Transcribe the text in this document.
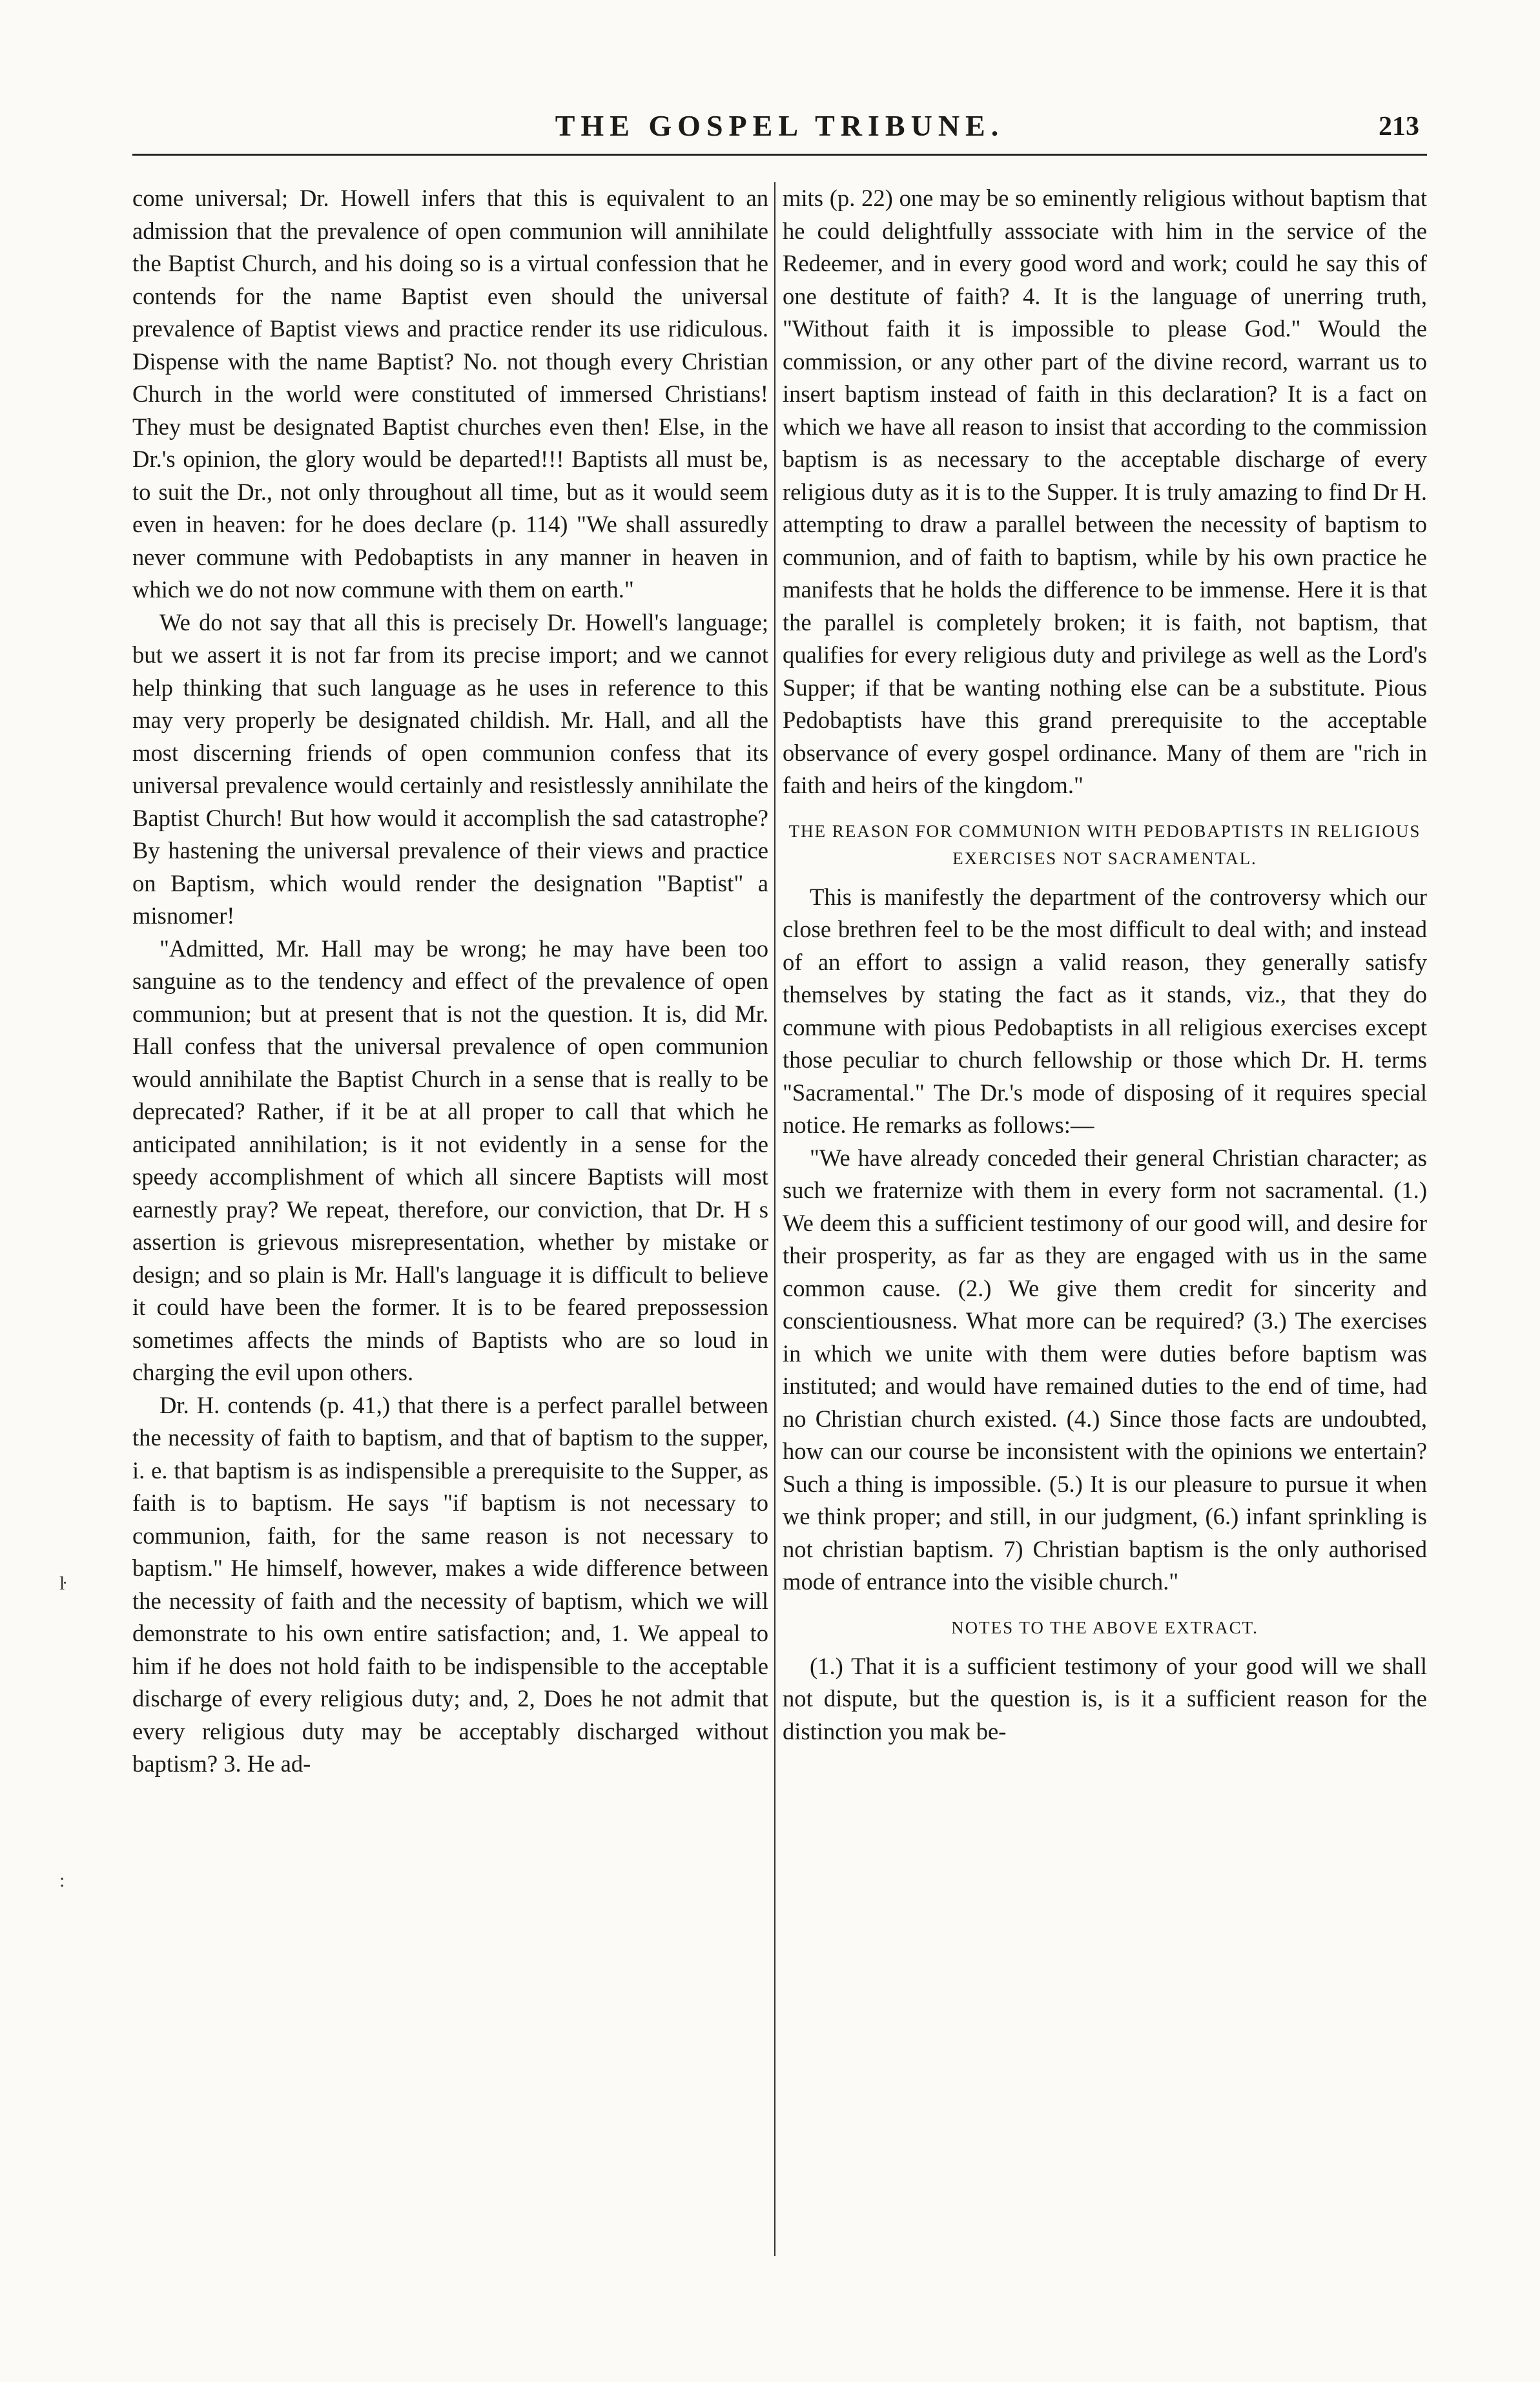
THE GOSPEL TRIBUNE.	213

come universal; Dr. Howell infers that this is equivalent to an admission that the prevalence of open communion will annihilate the Baptist Church, and his doing so is a virtual confession that he contends for the name Baptist even should the universal prevalence of Baptist views and practice render its use ridiculous. Dispense with the name Baptist? No. not though every Christian Church in the world were constituted of immersed Christians! They must be designated Baptist churches even then! Else, in the Dr.'s opinion, the glory would be departed!!! Baptists all must be, to suit the Dr., not only throughout all time, but as it would seem even in heaven: for he does declare (p. 114) "We shall assuredly never commune with Pedobaptists in any manner in heaven in which we do not now commune with them on earth."

We do not say that all this is precisely Dr. Howell's language; but we assert it is not far from its precise import; and we cannot help thinking that such language as he uses in reference to this may very properly be designated childish. Mr. Hall, and all the most discerning friends of open communion confess that its universal prevalence would certainly and resistlessly annihilate the Baptist Church! But how would it accomplish the sad catastrophe? By hastening the universal prevalence of their views and practice on Baptism, which would render the designation "Baptist" a misnomer!

"Admitted, Mr. Hall may be wrong; he may have been too sanguine as to the tendency and effect of the prevalence of open communion; but at present that is not the question. It is, did Mr. Hall confess that the universal prevalence of open communion would annihilate the Baptist Church in a sense that is really to be deprecated? Rather, if it be at all proper to call that which he anticipated annihilation; is it not evidently in a sense for the speedy accomplishment of which all sincere Baptists will most earnestly pray? We repeat, therefore, our conviction, that Dr. H s assertion is grievous misrepresentation, whether by mistake or design; and so plain is Mr. Hall's language it is difficult to believe it could have been the former. It is to be feared prepossession sometimes affects the minds of Baptists who are so loud in charging the evil upon others.

Dr. H. contends (p. 41,) that there is a perfect parallel between the necessity of faith to baptism, and that of baptism to the supper, i. e. that baptism is as indispensible a prerequisite to the Supper, as faith is to baptism. He says "if baptism is not necessary to communion, faith, for the same reason is not necessary to baptism." He himself, however, makes a wide difference between the necessity of faith and the necessity of baptism, which we will demonstrate to his own entire satisfaction; and, 1. We appeal to him if he does not hold faith to be indispensible to the acceptable discharge of every religious duty; and, 2, Does he not admit that every religious duty may be acceptably discharged without baptism? 3. He ad-

mits (p. 22) one may be so eminently religious without baptism that he could delightfully asssociate with him in the service of the Redeemer, and in every good word and work; could he say this of one destitute of faith? 4. It is the language of unerring truth, "Without faith it is impossible to please God." Would the commission, or any other part of the divine record, warrant us to insert baptism instead of faith in this declaration? It is a fact on which we have all reason to insist that according to the commission baptism is as necessary to the acceptable discharge of every religious duty as it is to the Supper. It is truly amazing to find Dr H. attempting to draw a parallel between the necessity of baptism to communion, and of faith to baptism, while by his own practice he manifests that he holds the difference to be immense. Here it is that the parallel is completely broken; it is faith, not baptism, that qualifies for every religious duty and privilege as well as the Lord's Supper; if that be wanting nothing else can be a substitute. Pious Pedobaptists have this grand prerequisite to the acceptable observance of every gospel ordinance. Many of them are "rich in faith and heirs of the kingdom."

THE REASON FOR COMMUNION WITH PEDOBAPTISTS IN RELIGIOUS EXERCISES NOT SACRAMENTAL.

This is manifestly the department of the controversy which our close brethren feel to be the most difficult to deal with; and instead of an effort to assign a valid reason, they generally satisfy themselves by stating the fact as it stands, viz., that they do commune with pious Pedobaptists in all religious exercises except those peculiar to church fellowship or those which Dr. H. terms "Sacramental." The Dr.'s mode of disposing of it requires special notice. He remarks as follows:—

"We have already conceded their general Christian character; as such we fraternize with them in every form not sacramental. (1.) We deem this a sufficient testimony of our good will, and desire for their prosperity, as far as they are engaged with us in the same common cause. (2.) We give them credit for sincerity and conscientiousness. What more can be required? (3.) The exercises in which we unite with them were duties before baptism was instituted; and would have remained duties to the end of time, had no Christian church existed. (4.) Since those facts are undoubted, how can our course be inconsistent with the opinions we entertain? Such a thing is impossible. (5.) It is our pleasure to pursue it when we think proper; and still, in our judgment, (6.) infant sprinkling is not christian baptism. 7) Christian baptism is the only authorised mode of entrance into the visible church."

NOTES TO THE ABOVE EXTRACT.

(1.) That it is a sufficient testimony of your good will we shall not dispute, but the question is, is it a sufficient reason for the distinction you mak be-

ŀ
:
